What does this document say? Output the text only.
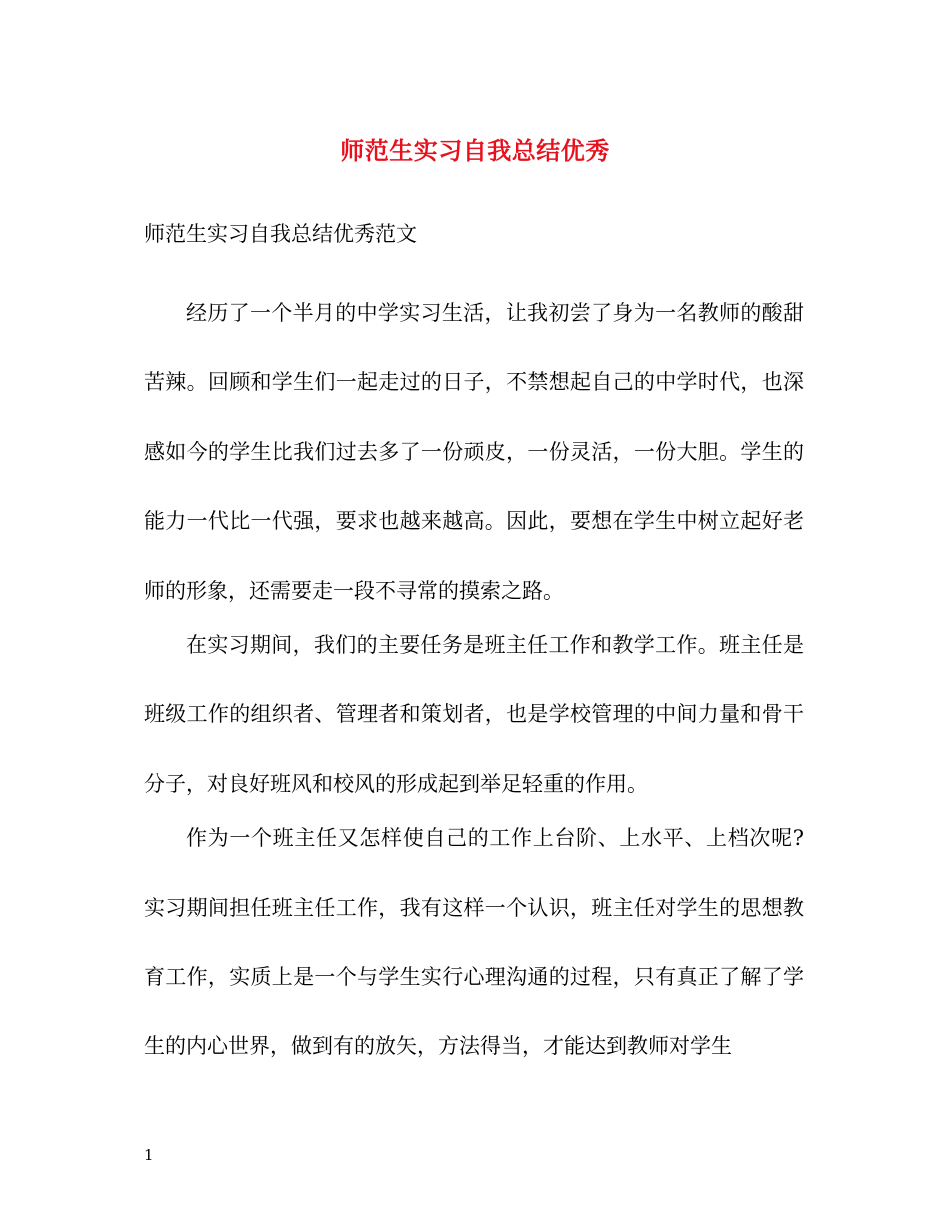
师范生实习自我总结优秀
师范生实习自我总结优秀范文

经历了一个半月的中学实习生活，让我初尝了身为一名教师的酸甜苦辣。回顾和学生们一起走过的日子，不禁想起自己的中学时代，也深感如今的学生比我们过去多了一份顽皮，一份灵活，一份大胆。学生的能力一代比一代强，要求也越来越高。因此，要想在学生中树立起好老师的形象，还需要走一段不寻常的摸索之路。

在实习期间，我们的主要任务是班主任工作和教学工作。班主任是班级工作的组织者、管理者和策划者，也是学校管理的中间力量和骨干分子，对良好班风和校风的形成起到举足轻重的作用。

作为一个班主任又怎样使自己的工作上台阶、上水平、上档次呢?实习期间担任班主任工作，我有这样一个认识，班主任对学生的思想教育工作，实质上是一个与学生实行心理沟通的过程，只有真正了解了学生的内心世界，做到有的放矢，方法得当，才能达到教师对学生

1
